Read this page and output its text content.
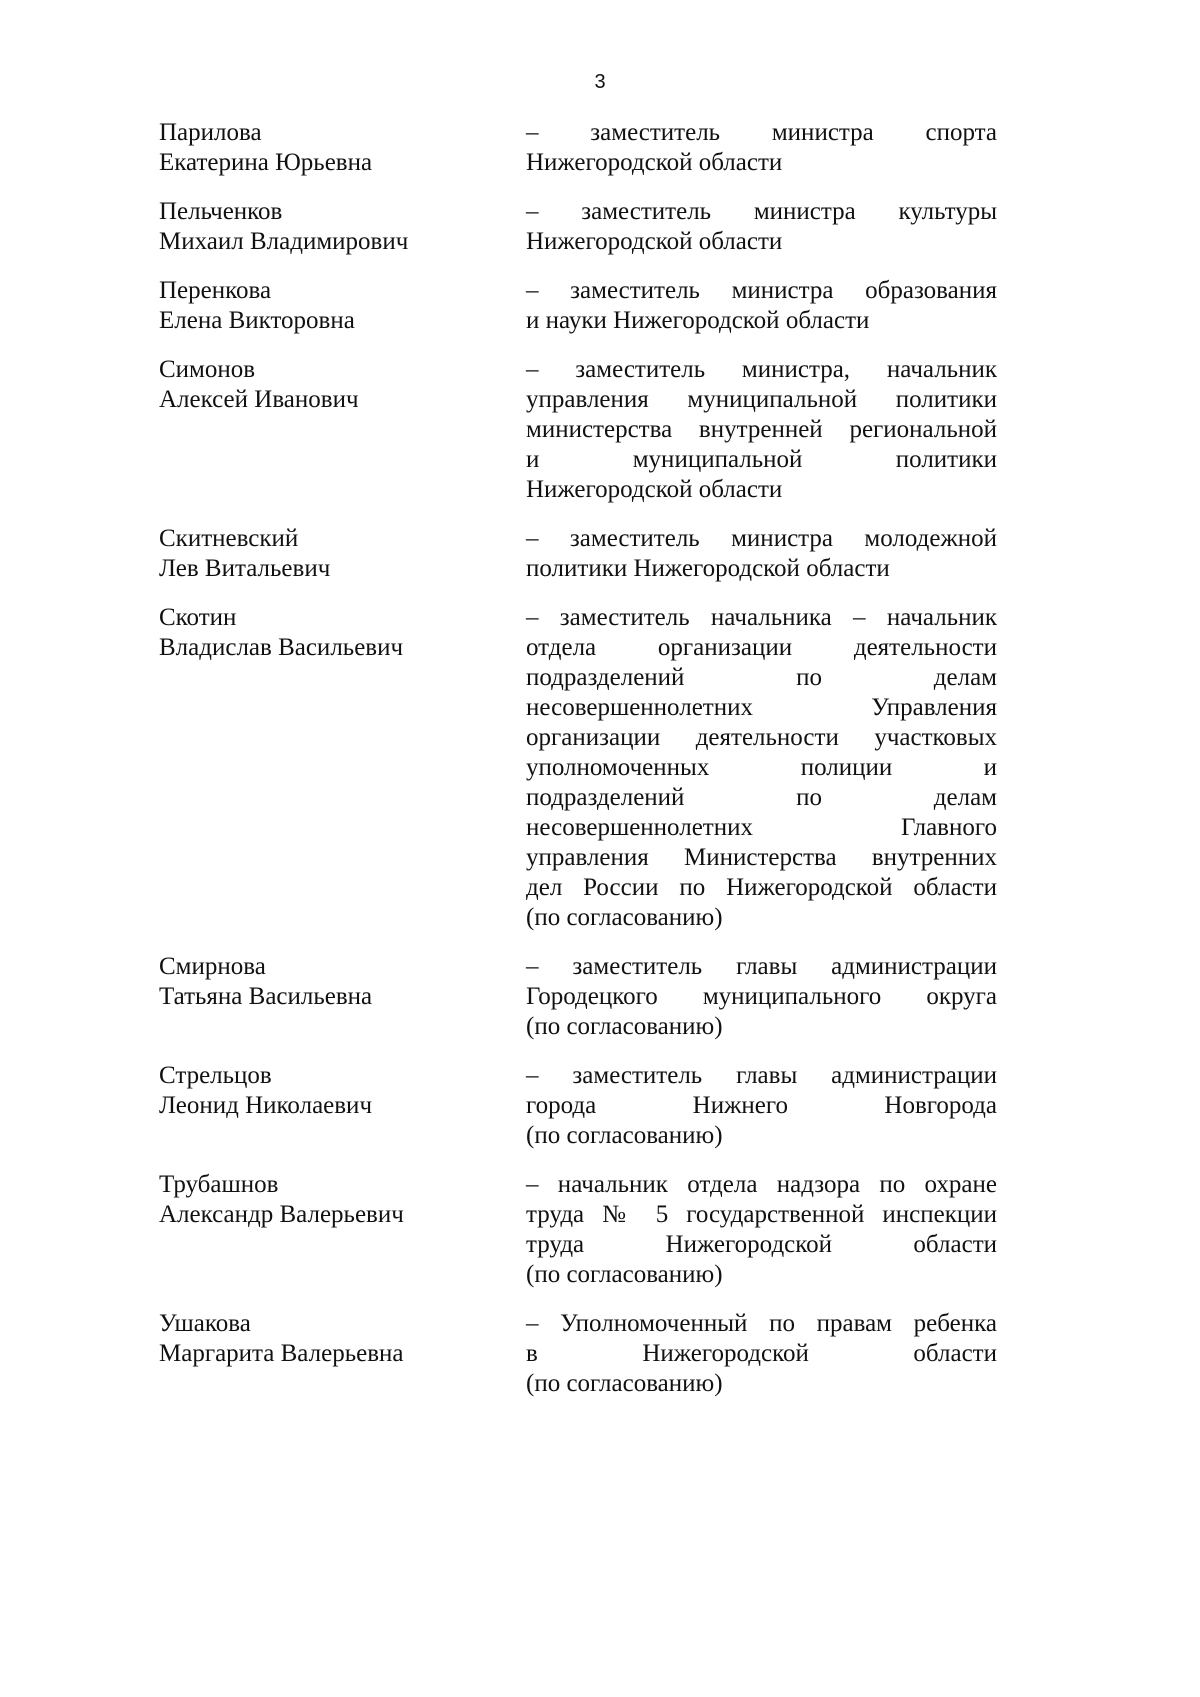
3
Парилова
Екатерина Юрьевна
– заместитель министра спорта
Нижегородской области
Пельченков
Михаил Владимирович
– заместитель министра культуры
Нижегородской области
Перенкова
Елена Викторовна
– заместитель министра образования
и науки Нижегородской области
Симонов
Алексей Иванович
– заместитель министра, начальник
управления муниципальной политики
министерства внутренней региональной
и муниципальной политики
Нижегородской области
Скитневский
Лев Витальевич
– заместитель министра молодежной
политики Нижегородской области
Скотин
Владислав Васильевич
– заместитель начальника – начальник
отдела организации деятельности
подразделений по делам
несовершеннолетних Управления
организации деятельности участковых
уполномоченных полиции и
подразделений по делам
несовершеннолетних Главного
управления Министерства внутренних
дел России по Нижегородской области
(по согласованию)
Смирнова
Татьяна Васильевна
– заместитель главы администрации
Городецкого муниципального округа
(по согласованию)
Стрельцов
Леонид Николаевич
– заместитель главы администрации
города Нижнего Новгорода
(по согласованию)
Трубашнов
Александр Валерьевич
– начальник отдела надзора по охране
труда № 5 государственной инспекции
труда Нижегородской области
(по согласованию)
Ушакова
Маргарита Валерьевна
– Уполномоченный по правам ребенка
в Нижегородской области
(по согласованию)
